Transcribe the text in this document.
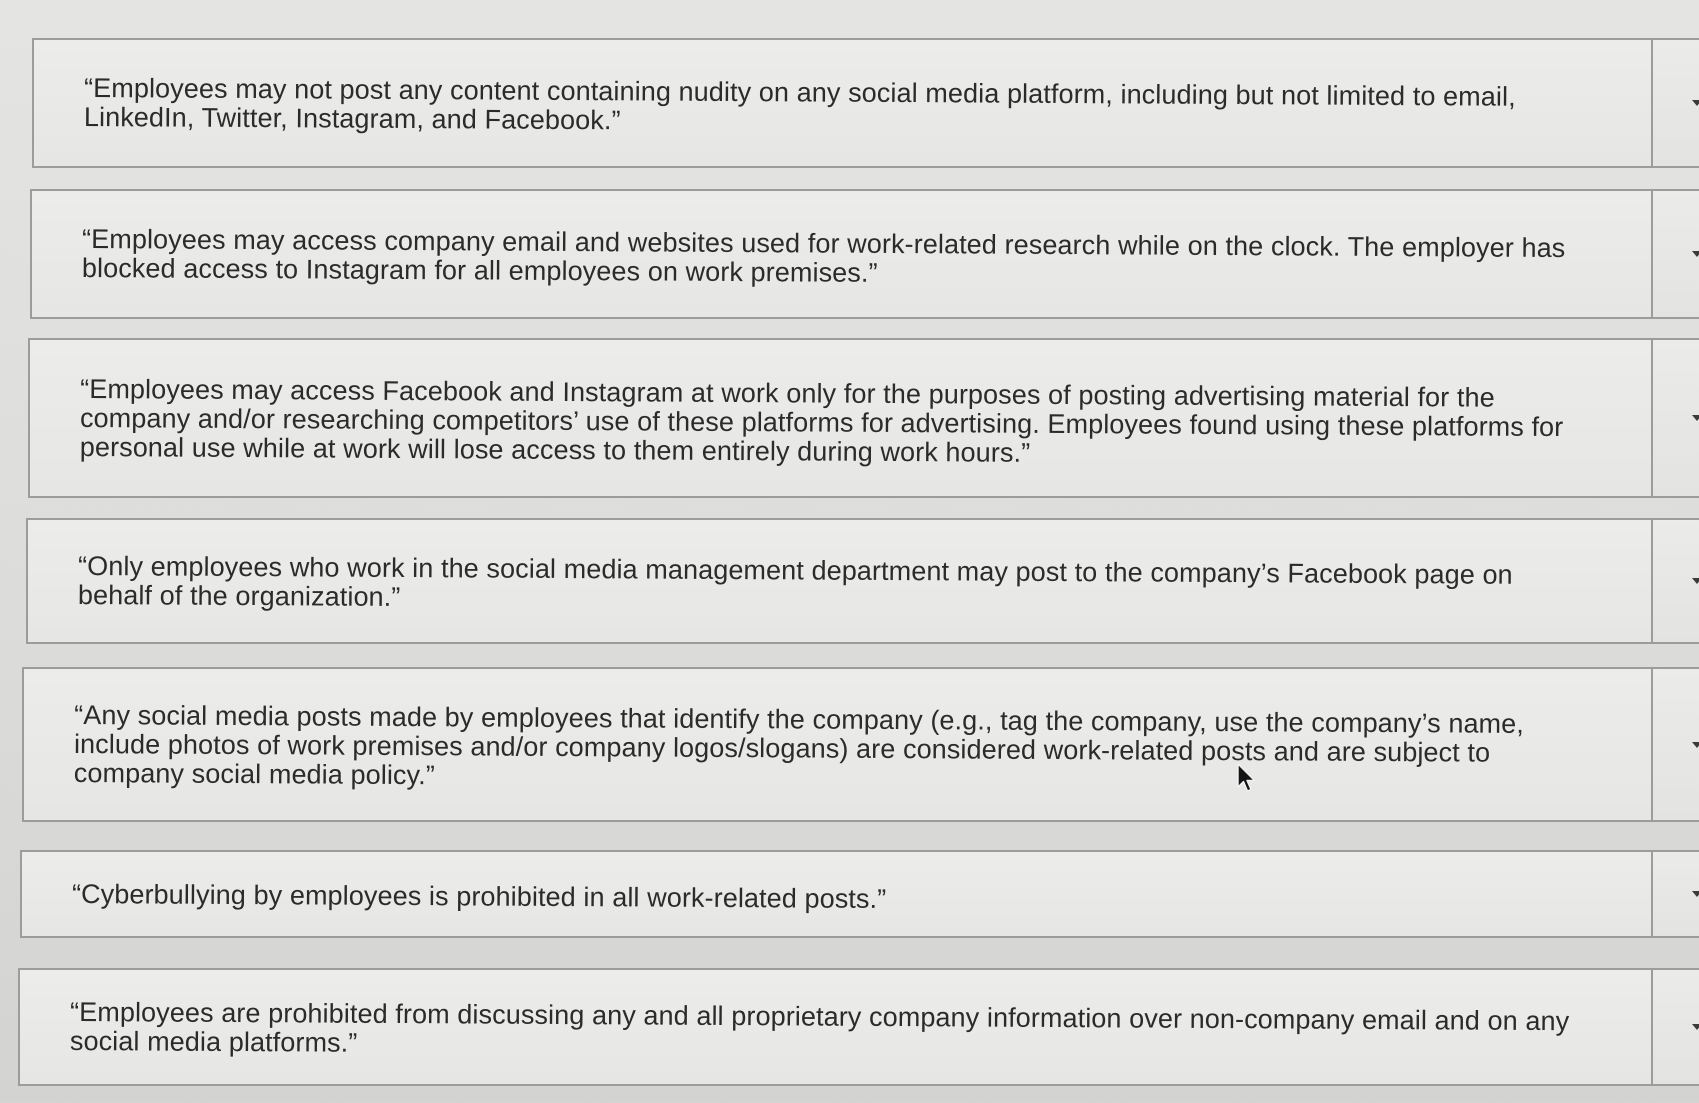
“Employees may not post any content containing nudity on any social media platform, including but not limited to email, LinkedIn, Twitter, Instagram, and Facebook.”
“Employees may access company email and websites used for work-related research while on the clock. The employer has blocked access to Instagram for all employees on work premises.”
“Employees may access Facebook and Instagram at work only for the purposes of posting advertising material for the company and/or researching competitors’ use of these platforms for advertising. Employees found using these platforms for personal use while at work will lose access to them entirely during work hours.”
“Only employees who work in the social media management department may post to the company’s Facebook page on behalf of the organization.”
“Any social media posts made by employees that identify the company (e.g., tag the company, use the company’s name, include photos of work premises and/or company logos/slogans) are considered work-related posts and are subject to company social media policy.”
“Cyberbullying by employees is prohibited in all work-related posts.”
“Employees are prohibited from discussing any and all proprietary company information over non-company email and on any social media platforms.”
